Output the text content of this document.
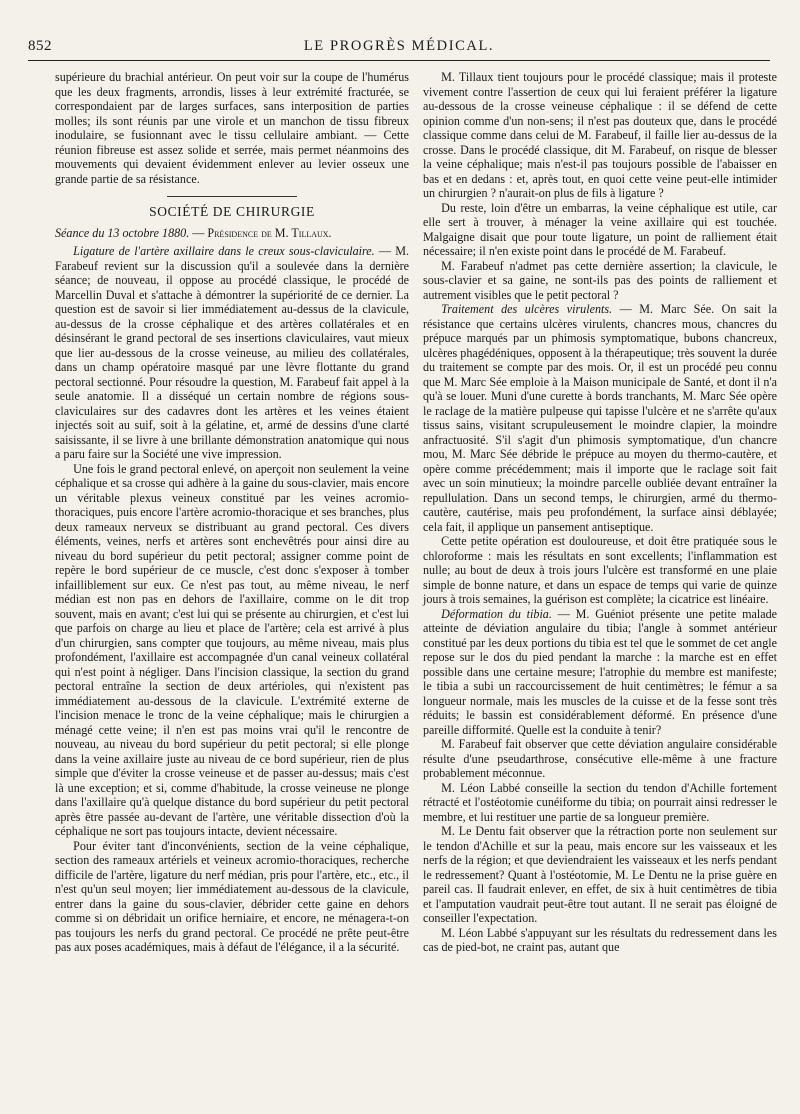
852	LE PROGRÈS MÉDICAL.

supérieure du brachial antérieur. On peut voir sur la coupe de l'humérus que les deux fragments, arrondis, lisses à leur extrémité fracturée, se correspondaient par de larges surfaces, sans interposition de parties molles; ils sont réunis par une virole et un manchon de tissu fibreux inodulaire, se fusionnant avec le tissu cellulaire ambiant. — Cette réunion fibreuse est assez solide et serrée, mais permet néanmoins des mouvements qui devaient évidemment enlever au levier osseux une grande partie de sa résistance.

SOCIÉTÉ DE CHIRURGIE

Séance du 13 octobre 1880. — Présidence de M. Tillaux.

Ligature de l'artère axillaire dans le creux sous-claviculaire. — M. Farabeuf revient sur la discussion qu'il a soulevée dans la dernière séance; de nouveau, il oppose au procédé classique, le procédé de Marcellin Duval et s'attache à démontrer la supériorité de ce dernier. La question est de savoir si lier immédiatement au-dessus de la clavicule, au-dessus de la crosse céphalique et des artères collatérales et en désinsérant le grand pectoral de ses insertions claviculaires, vaut mieux que lier au-dessous de la crosse veineuse, au milieu des collatérales, dans un champ opératoire masqué par une lèvre flottante du grand pectoral sectionné. Pour résoudre la question, M. Farabeuf fait appel à la seule anatomie. Il a disséqué un certain nombre de régions sous-claviculaires sur des cadavres dont les artères et les veines étaient injectés soit au suif, soit à la gélatine, et, armé de dessins d'une clarté saisissante, il se livre à une brillante démonstration anatomique qui nous a paru faire sur la Société une vive impression.

Une fois le grand pectoral enlevé, on aperçoit non seulement la veine céphalique et sa crosse qui adhère à la gaine du sous-clavier, mais encore un véritable plexus veineux constitué par les veines acromio-thoraciques, puis encore l'artère acromio-thoracique et ses branches, plus deux rameaux nerveux se distribuant au grand pectoral. Ces divers éléments, veines, nerfs et artères sont enchevêtrés pour ainsi dire au niveau du bord supérieur du petit pectoral; assigner comme point de repère le bord supérieur de ce muscle, c'est donc s'exposer à tomber infailliblement sur eux. Ce n'est pas tout, au même niveau, le nerf médian est non pas en dehors de l'axillaire, comme on le dit trop souvent, mais en avant; c'est lui qui se présente au chirurgien, et c'est lui que parfois on charge au lieu et place de l'artère; cela est arrivé à plus d'un chirurgien, sans compter que toujours, au même niveau, mais plus profondément, l'axillaire est accompagnée d'un canal veineux collatéral qui n'est point à négliger. Dans l'incision classique, la section du grand pectoral entraîne la section de deux artérioles, qui n'existent pas immédiatement au-dessous de la clavicule. L'extrémité externe de l'incision menace le tronc de la veine céphalique; mais le chirurgien a ménagé cette veine; il n'en est pas moins vrai qu'il le rencontre de nouveau, au niveau du bord supérieur du petit pectoral; si elle plonge dans la veine axillaire juste au niveau de ce bord supérieur, rien de plus simple que d'éviter la crosse veineuse et de passer au-dessus; mais c'est là une exception; et si, comme d'habitude, la crosse veineuse ne plonge dans l'axillaire qu'à quelque distance du bord supérieur du petit pectoral après être passée au-devant de l'artère, une véritable dissection d'où la céphalique ne sort pas toujours intacte, devient nécessaire.

Pour éviter tant d'inconvénients, section de la veine céphalique, section des rameaux artériels et veineux acromio-thoraciques, recherche difficile de l'artère, ligature du nerf médian, pris pour l'artère, etc., etc., il n'est qu'un seul moyen; lier immédiatement au-dessous de la clavicule, entrer dans la gaine du sous-clavier, débrider cette gaine en dehors comme si on débridait un orifice herniaire, et encore, ne ménagera-t-on pas toujours les nerfs du grand pectoral. Ce procédé ne prête peut-être pas aux poses académiques, mais à défaut de l'élégance, il a la sécurité.

M. Tillaux tient toujours pour le procédé classique; mais il proteste vivement contre l'assertion de ceux qui lui feraient préférer la ligature au-dessous de la crosse veineuse céphalique : il se défend de cette opinion comme d'un non-sens; il n'est pas douteux que, dans le procédé classique comme dans celui de M. Farabeuf, il faille lier au-dessus de la crosse. Dans le procédé classique, dit M. Farabeuf, on risque de blesser la veine céphalique; mais n'est-il pas toujours possible de l'abaisser en bas et en dedans : et, après tout, en quoi cette veine peut-elle intimider un chirurgien ? n'aurait-on plus de fils à ligature ?

Du reste, loin d'être un embarras, la veine céphalique est utile, car elle sert à trouver, à ménager la veine axillaire qui est touchée. Malgaigne disait que pour toute ligature, un point de ralliement était nécessaire; il n'en existe point dans le procédé de M. Farabeuf.

M. Farabeuf n'admet pas cette dernière assertion; la clavicule, le sous-clavier et sa gaine, ne sont-ils pas des points de ralliement et autrement visibles que le petit pectoral ?

Traitement des ulcères virulents. — M. Marc Sée. On sait la résistance que certains ulcères virulents, chancres mous, chancres du prépuce marqués par un phimosis symptomatique, bubons chancreux, ulcères phagédéniques, opposent à la thérapeutique; très souvent la durée du traitement se compte par des mois. Or, il est un procédé peu connu que M. Marc Sée emploie à la Maison municipale de Santé, et dont il n'a qu'à se louer. Muni d'une curette à bords tranchants, M. Marc Sée opère le raclage de la matière pulpeuse qui tapisse l'ulcère et ne s'arrête qu'aux tissus sains, visitant scrupuleusement le moindre clapier, la moindre anfractuosité. S'il s'agit d'un phimosis symptomatique, d'un chancre mou, M. Marc Sée débride le prépuce au moyen du thermo-cautère, et opère comme précédemment; mais il importe que le raclage soit fait avec un soin minutieux; la moindre parcelle oubliée devant entraîner la repullulation. Dans un second temps, le chirurgien, armé du thermo-cautère, cautérise, mais peu profondément, la surface ainsi déblayée; cela fait, il applique un pansement antiseptique.

Cette petite opération est douloureuse, et doit être pratiquée sous le chloroforme : mais les résultats en sont excellents; l'inflammation est nulle; au bout de deux à trois jours l'ulcère est transformé en une plaie simple de bonne nature, et dans un espace de temps qui varie de quinze jours à trois semaines, la guérison est complète; la cicatrice est linéaire.

Déformation du tibia. — M. Guéniot présente une petite malade atteinte de déviation angulaire du tibia; l'angle à sommet antérieur constitué par les deux portions du tibia est tel que le sommet de cet angle repose sur le dos du pied pendant la marche : la marche est en effet possible dans une certaine mesure; l'atrophie du membre est manifeste; le tibia a subi un raccourcissement de huit centimètres; le fémur a sa longueur normale, mais les muscles de la cuisse et de la fesse sont très réduits; le bassin est considérablement déformé. En présence d'une pareille difformité. Quelle est la conduite à tenir?

M. Farabeuf fait observer que cette déviation angulaire considérable résulte d'une pseudarthrose, consécutive elle-même à une fracture probablement méconnue.

M. Léon Labbé conseille la section du tendon d'Achille fortement rétracté et l'ostéotomie cunéiforme du tibia; on pourrait ainsi redresser le membre, et lui restituer une partie de sa longueur première.

M. Le Dentu fait observer que la rétraction porte non seulement sur le tendon d'Achille et sur la peau, mais encore sur les vaisseaux et les nerfs de la région; et que deviendraient les vaisseaux et les nerfs pendant le redressement? Quant à l'ostéotomie, M. Le Dentu ne la prise guère en pareil cas. Il faudrait enlever, en effet, de six à huit centimètres de tibia et l'amputation vaudrait peut-être tout autant. Il ne serait pas éloigné de conseiller l'expectation.

M. Léon Labbé s'appuyant sur les résultats du redressement dans les cas de pied-bot, ne craint pas, autant que
